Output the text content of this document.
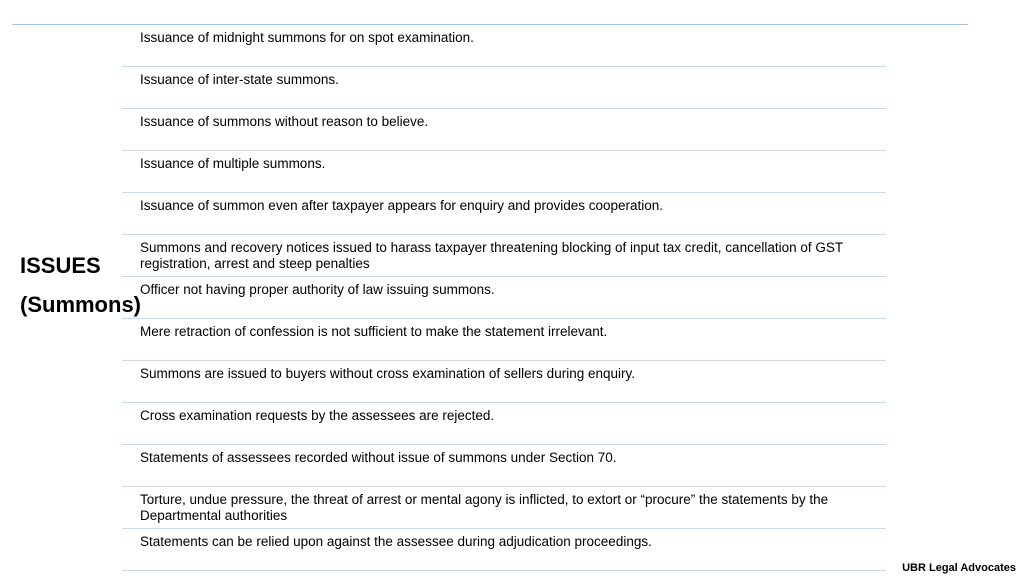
ISSUES
(Summons)
Issuance of midnight summons for on spot examination.
Issuance of inter-state summons.
Issuance of summons without reason to believe.
Issuance of multiple summons.
Issuance of summon even after taxpayer appears for enquiry and provides cooperation.
Summons and recovery notices issued to harass taxpayer threatening blocking of input tax credit, cancellation of GST registration, arrest and steep penalties
Officer not having proper authority of law issuing summons.
Mere retraction of confession is not sufficient to make the statement irrelevant.
Summons are issued to buyers without cross examination of sellers during enquiry.
Cross examination requests by the assessees are rejected.
Statements of assessees recorded without issue of summons under Section 70.
Torture, undue pressure, the threat of arrest or mental agony is inflicted, to extort or “procure” the statements by the Departmental authorities
Statements can be relied upon against the assessee during adjudication proceedings.
UBR Legal Advocates
